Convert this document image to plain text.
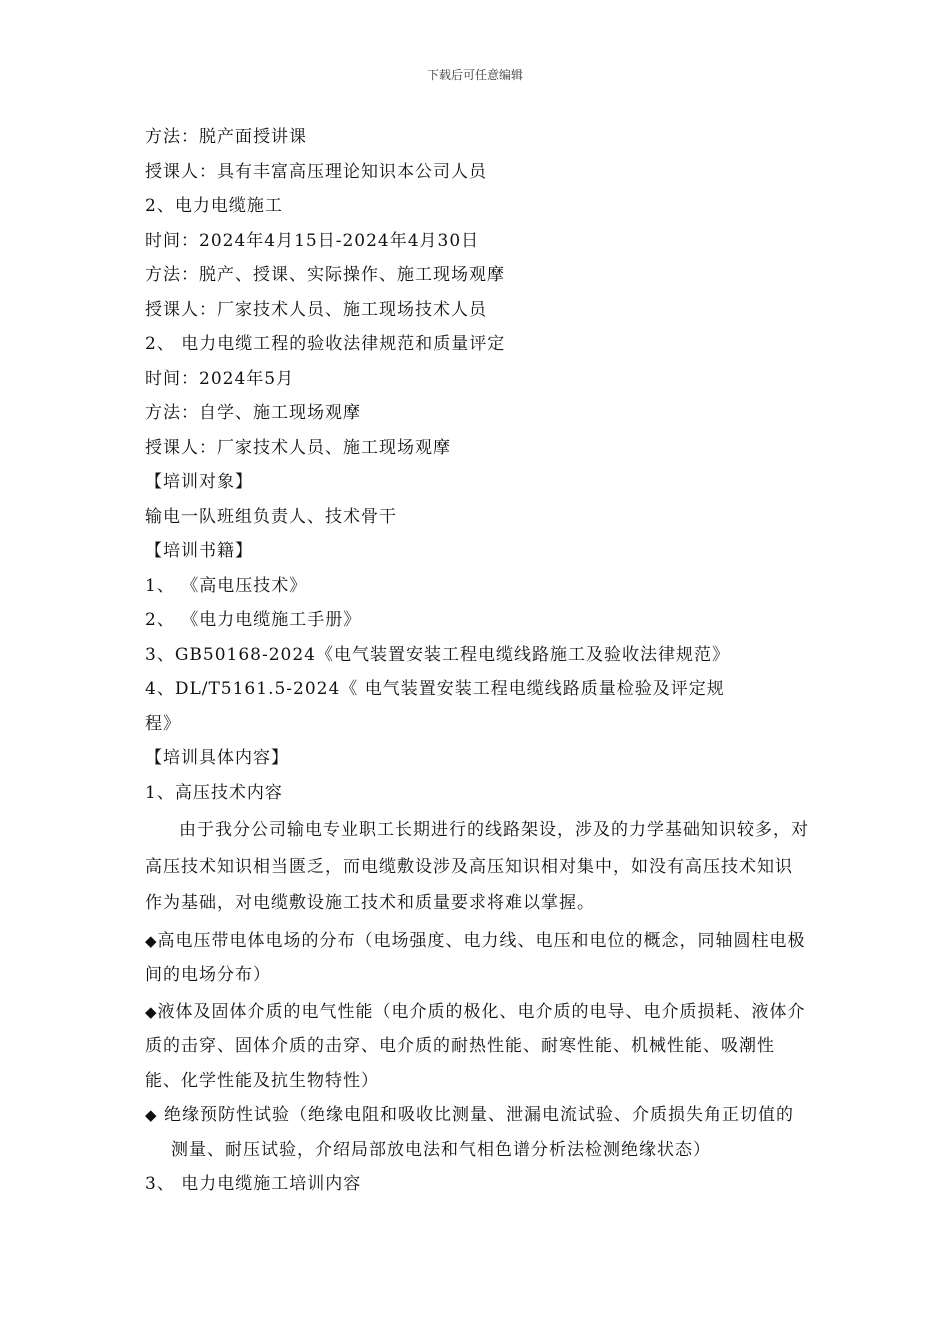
下载后可任意编辑
方法：脱产面授讲课
授课人：具有丰富高压理论知识本公司人员
2、电力电缆施工
时间：2024年4月15日-2024年4月30日
方法：脱产、授课、实际操作、施工现场观摩
授课人：厂家技术人员、施工现场技术人员
2、 电力电缆工程的验收法律规范和质量评定
时间：2024年5月
方法：自学、施工现场观摩
授课人：厂家技术人员、施工现场观摩
【培训对象】
输电一队班组负责人、技术骨干
【培训书籍】
1、 《高电压技术》
2、 《电力电缆施工手册》
3、GB50168-2024《电气装置安装工程电缆线路施工及验收法律规范》
4、DL/T5161.5-2024《 电气装置安装工程电缆线路质量检验及评定规
程》
【培训具体内容】
1、高压技术内容

由于我分公司输电专业职工长期进行的线路架设，涉及的力学基础知识较多，对高压技术知识相当匮乏，而电缆敷设涉及高压知识相对集中，如没有高压技术知识作为基础，对电缆敷设施工技术和质量要求将难以掌握。

◆高电压带电体电场的分布（电场强度、电力线、电压和电位的概念，同轴圆柱电极间的电场分布）

◆液体及固体介质的电气性能（电介质的极化、电介质的电导、电介质损耗、液体介质的击穿、固体介质的击穿、电介质的耐热性能、耐寒性能、机械性能、吸潮性能、化学性能及抗生物特性）

◆ 绝缘预防性试验（绝缘电阻和吸收比测量、泄漏电流试验、介质损失角正切值的测量、耐压试验，介绍局部放电法和气相色谱分析法检测绝缘状态）

3、 电力电缆施工培训内容
